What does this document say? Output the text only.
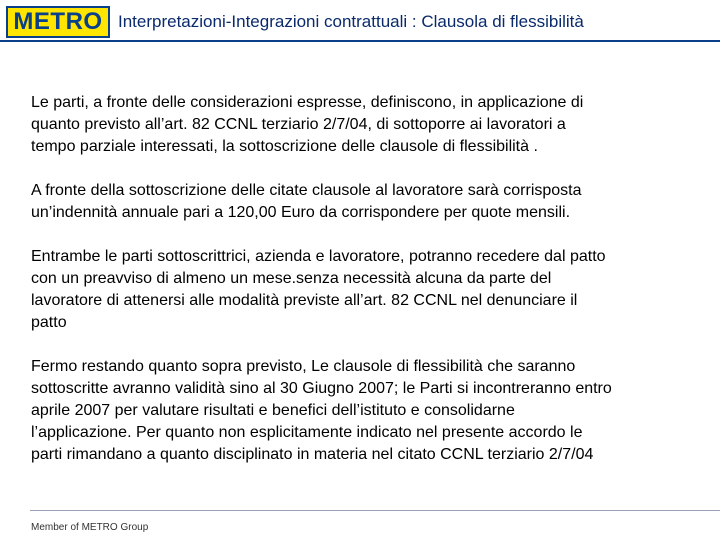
METRO Interpretazioni-Integrazioni contrattuali : Clausola di flessibilità

Le parti, a fronte delle considerazioni espresse, definiscono, in applicazione di
quanto previsto all’art. 82 CCNL terziario 2/7/04, di sottoporre ai lavoratori a
tempo parziale interessati, la sottoscrizione delle clausole di flessibilità .

A fronte della sottoscrizione delle citate clausole al lavoratore sarà corrisposta
un’indennità annuale pari a 120,00 Euro da corrispondere per quote mensili.

Entrambe le parti sottoscrittrici, azienda e lavoratore, potranno recedere dal patto
con un preavviso di almeno un mese.senza necessità alcuna da parte del
lavoratore di attenersi alle modalità previste all’art. 82 CCNL nel denunciare il
patto

Fermo restando quanto sopra previsto, Le clausole di flessibilità che saranno
sottoscritte avranno validità sino al 30 Giugno 2007; le Parti si incontreranno entro
aprile 2007 per valutare risultati e benefici dell’istituto e consolidarne
l’applicazione. Per quanto non esplicitamente indicato nel presente accordo le
parti rimandano a quanto disciplinato in materia nel citato CCNL terziario 2/7/04

Member of METRO Group
